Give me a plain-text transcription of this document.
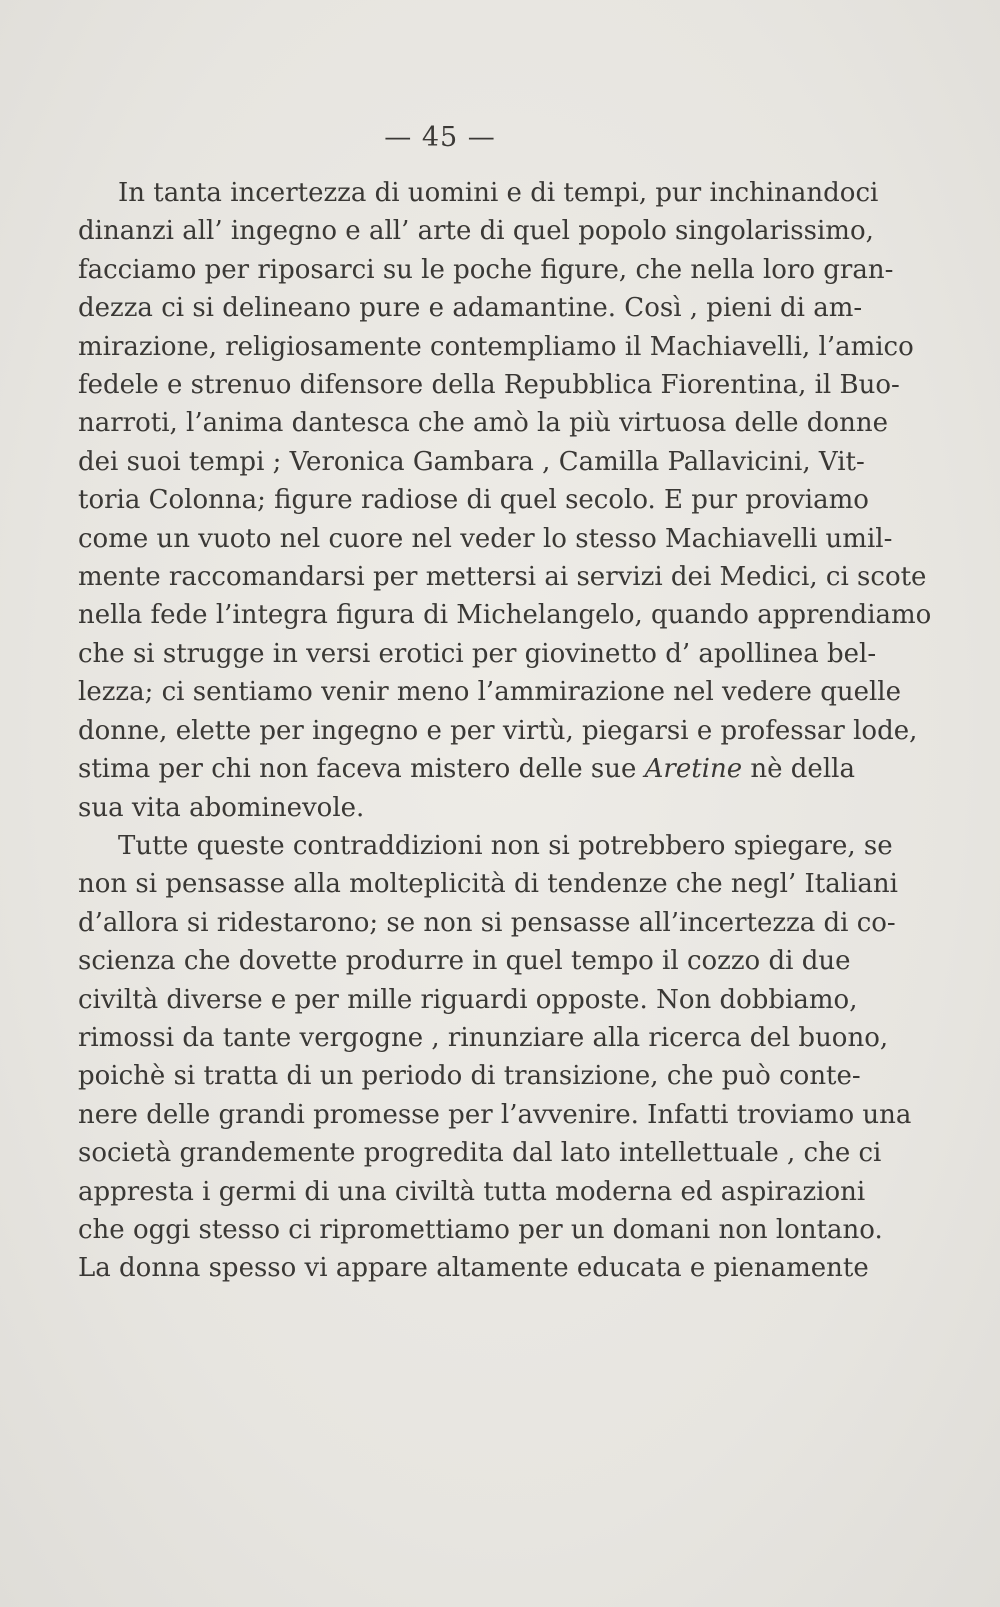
— 45 —
In tanta incertezza di uomini e di tempi, pur inchinandoci
dinanzi all’ ingegno e all’ arte di quel popolo singolarissimo,
facciamo per riposarci su le poche figure, che nella loro gran-
dezza ci si delineano pure e adamantine. Così , pieni di am-
mirazione, religiosamente contempliamo il Machiavelli, l’amico
fedele e strenuo difensore della Repubblica Fiorentina, il Buo-
narroti, l’anima dantesca che amò la più virtuosa delle donne
dei suoi tempi ; Veronica Gambara , Camilla Pallavicini, Vit-
toria Colonna; figure radiose di quel secolo. E pur proviamo
come un vuoto nel cuore nel veder lo stesso Machiavelli umil-
mente raccomandarsi per mettersi ai servizi dei Medici, ci scote
nella fede l’integra figura di Michelangelo, quando apprendiamo
che si strugge in versi erotici per giovinetto d’ apollinea bel-
lezza; ci sentiamo venir meno l’ammirazione nel vedere quelle
donne, elette per ingegno e per virtù, piegarsi e professar lode,
stima per chi non faceva mistero delle sue Aretine nè della
sua vita abominevole.
Tutte queste contraddizioni non si potrebbero spiegare, se
non si pensasse alla molteplicità di tendenze che negl’ Italiani
d’allora si ridestarono; se non si pensasse all’incertezza di co-
scienza che dovette produrre in quel tempo il cozzo di due
civiltà diverse e per mille riguardi opposte. Non dobbiamo,
rimossi da tante vergogne , rinunziare alla ricerca del buono,
poichè si tratta di un periodo di transizione, che può conte-
nere delle grandi promesse per l’avvenire. Infatti troviamo una
società grandemente progredita dal lato intellettuale , che ci
appresta i germi di una civiltà tutta moderna ed aspirazioni
che oggi stesso ci ripromettiamo per un domani non lontano.
La donna spesso vi appare altamente educata e pienamente
